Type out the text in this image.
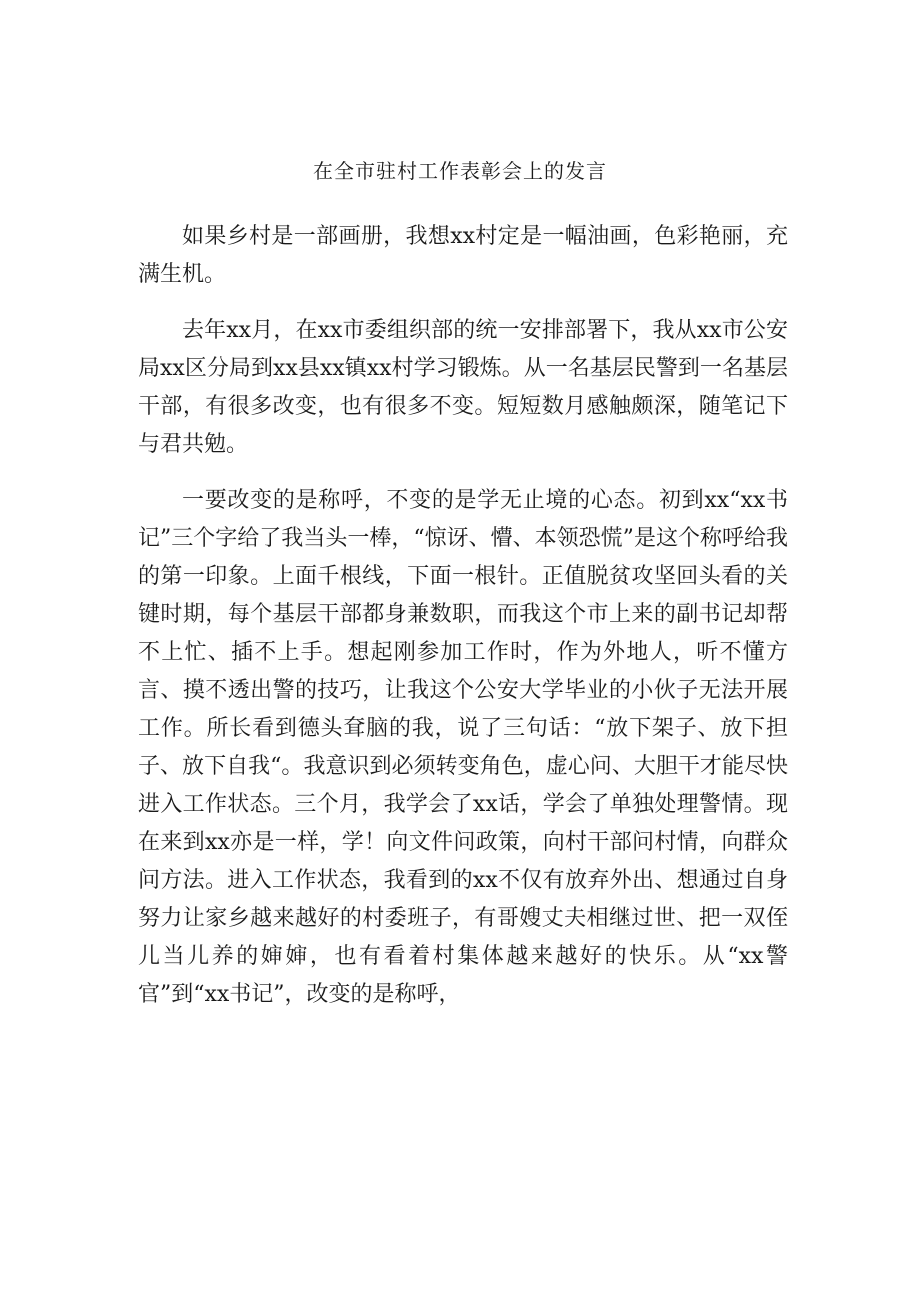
在全市驻村工作表彰会上的发言

如果乡村是一部画册，我想xx村定是一幅油画，色彩艳丽，充满生机。

去年xx月，在xx市委组织部的统一安排部署下，我从xx市公安局xx区分局到xx县xx镇xx村学习锻炼。从一名基层民警到一名基层干部，有很多改变，也有很多不变。短短数月感触颇深，随笔记下与君共勉。

一要改变的是称呼，不变的是学无止境的心态。初到xx“xx书记”三个字给了我当头一棒，“惊讶、懵、本领恐慌”是这个称呼给我的第一印象。上面千根线，下面一根针。正值脱贫攻坚回头看的关键时期，每个基层干部都身兼数职，而我这个市上来的副书记却帮不上忙、插不上手。想起刚参加工作时，作为外地人，听不懂方言、摸不透出警的技巧，让我这个公安大学毕业的小伙子无法开展工作。所长看到德头耷脑的我，说了三句话：“放下架子、放下担子、放下自我“。我意识到必须转变角色，虚心问、大胆干才能尽快进入工作状态。三个月，我学会了xx话，学会了单独处理警情。现在来到xx亦是一样，学！向文件问政策，向村干部问村情，向群众问方法。进入工作状态，我看到的xx不仅有放弃外出、想通过自身努力让家乡越来越好的村委班子，有哥嫂丈夫相继过世、把一双侄儿当儿养的婶婶，也有看着村集体越来越好的快乐。从“xx警官”到“xx书记”，改变的是称呼，
